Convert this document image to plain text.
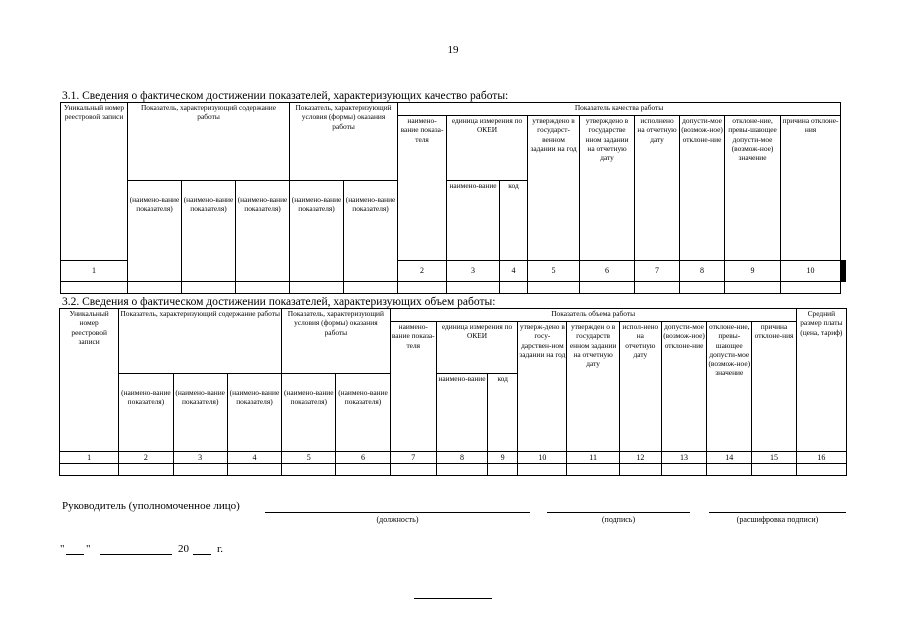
19
3.1. Сведения о фактическом достижении показателей, характеризующих качество работы:
Уникальный номер реестровой записи	Показатель, характеризующий содержание работы			Показатель, характеризующий условия (формы) оказания работы		Показатель качества работы											
						наимено-вание показа-теля	единица измерения по ОКЕИ		утверждено в государст-венном задании на год	утверждено в государстве нном задании на отчетную дату	исполнено на отчетную дату	допусти-мое (возмож-ное) отклоне-ние	отклоне-ние, превы-шающее допусти-мое (возмож-ное) значение	причина отклоне-ния			
	(наимено-вание показателя)	(наимено-вание показателя)	(наимено-вание показателя)	(наимено-вание показателя)	(наимено-вание показателя)		наимено-вание	код									

1						2	3	4	5	6	7	8	9	10					

3.2. Сведения о фактическом достижении показателей, характеризующих объем работы:
Уникальный номер реестровой записи	Показатель, характеризующий содержание работы			Показатель, характеризующий условия (формы) оказания работы		Показатель объема работы									Средний размер платы (цена, тариф)
						наимено-вание показа-теля	единица измерения по ОКЕИ		утверж-дено в госу-дарствен-ном задании на год	утвержден о в государств енном задании на отчетную дату	испол-нено на отчетную дату	допусти-мое (возмож-ное) отклоне-ние	отклоне-ние, превы-шающее допусти-мое (возмож-ное) значение	причина отклоне-ния	
	(наимено-вание показателя)	(наимено-вание показателя)	(наимено-вание показателя)	(наимено-вание показателя)	(наимено-вание показателя)		наимено-вание	код							
1	2	3	4	5	6	7	8	9	10	11	12	13	14	15	16

Руководитель (уполномоченное лицо)
(должность)	(подпись)	(расшифровка подписи)
" "	20	г.
